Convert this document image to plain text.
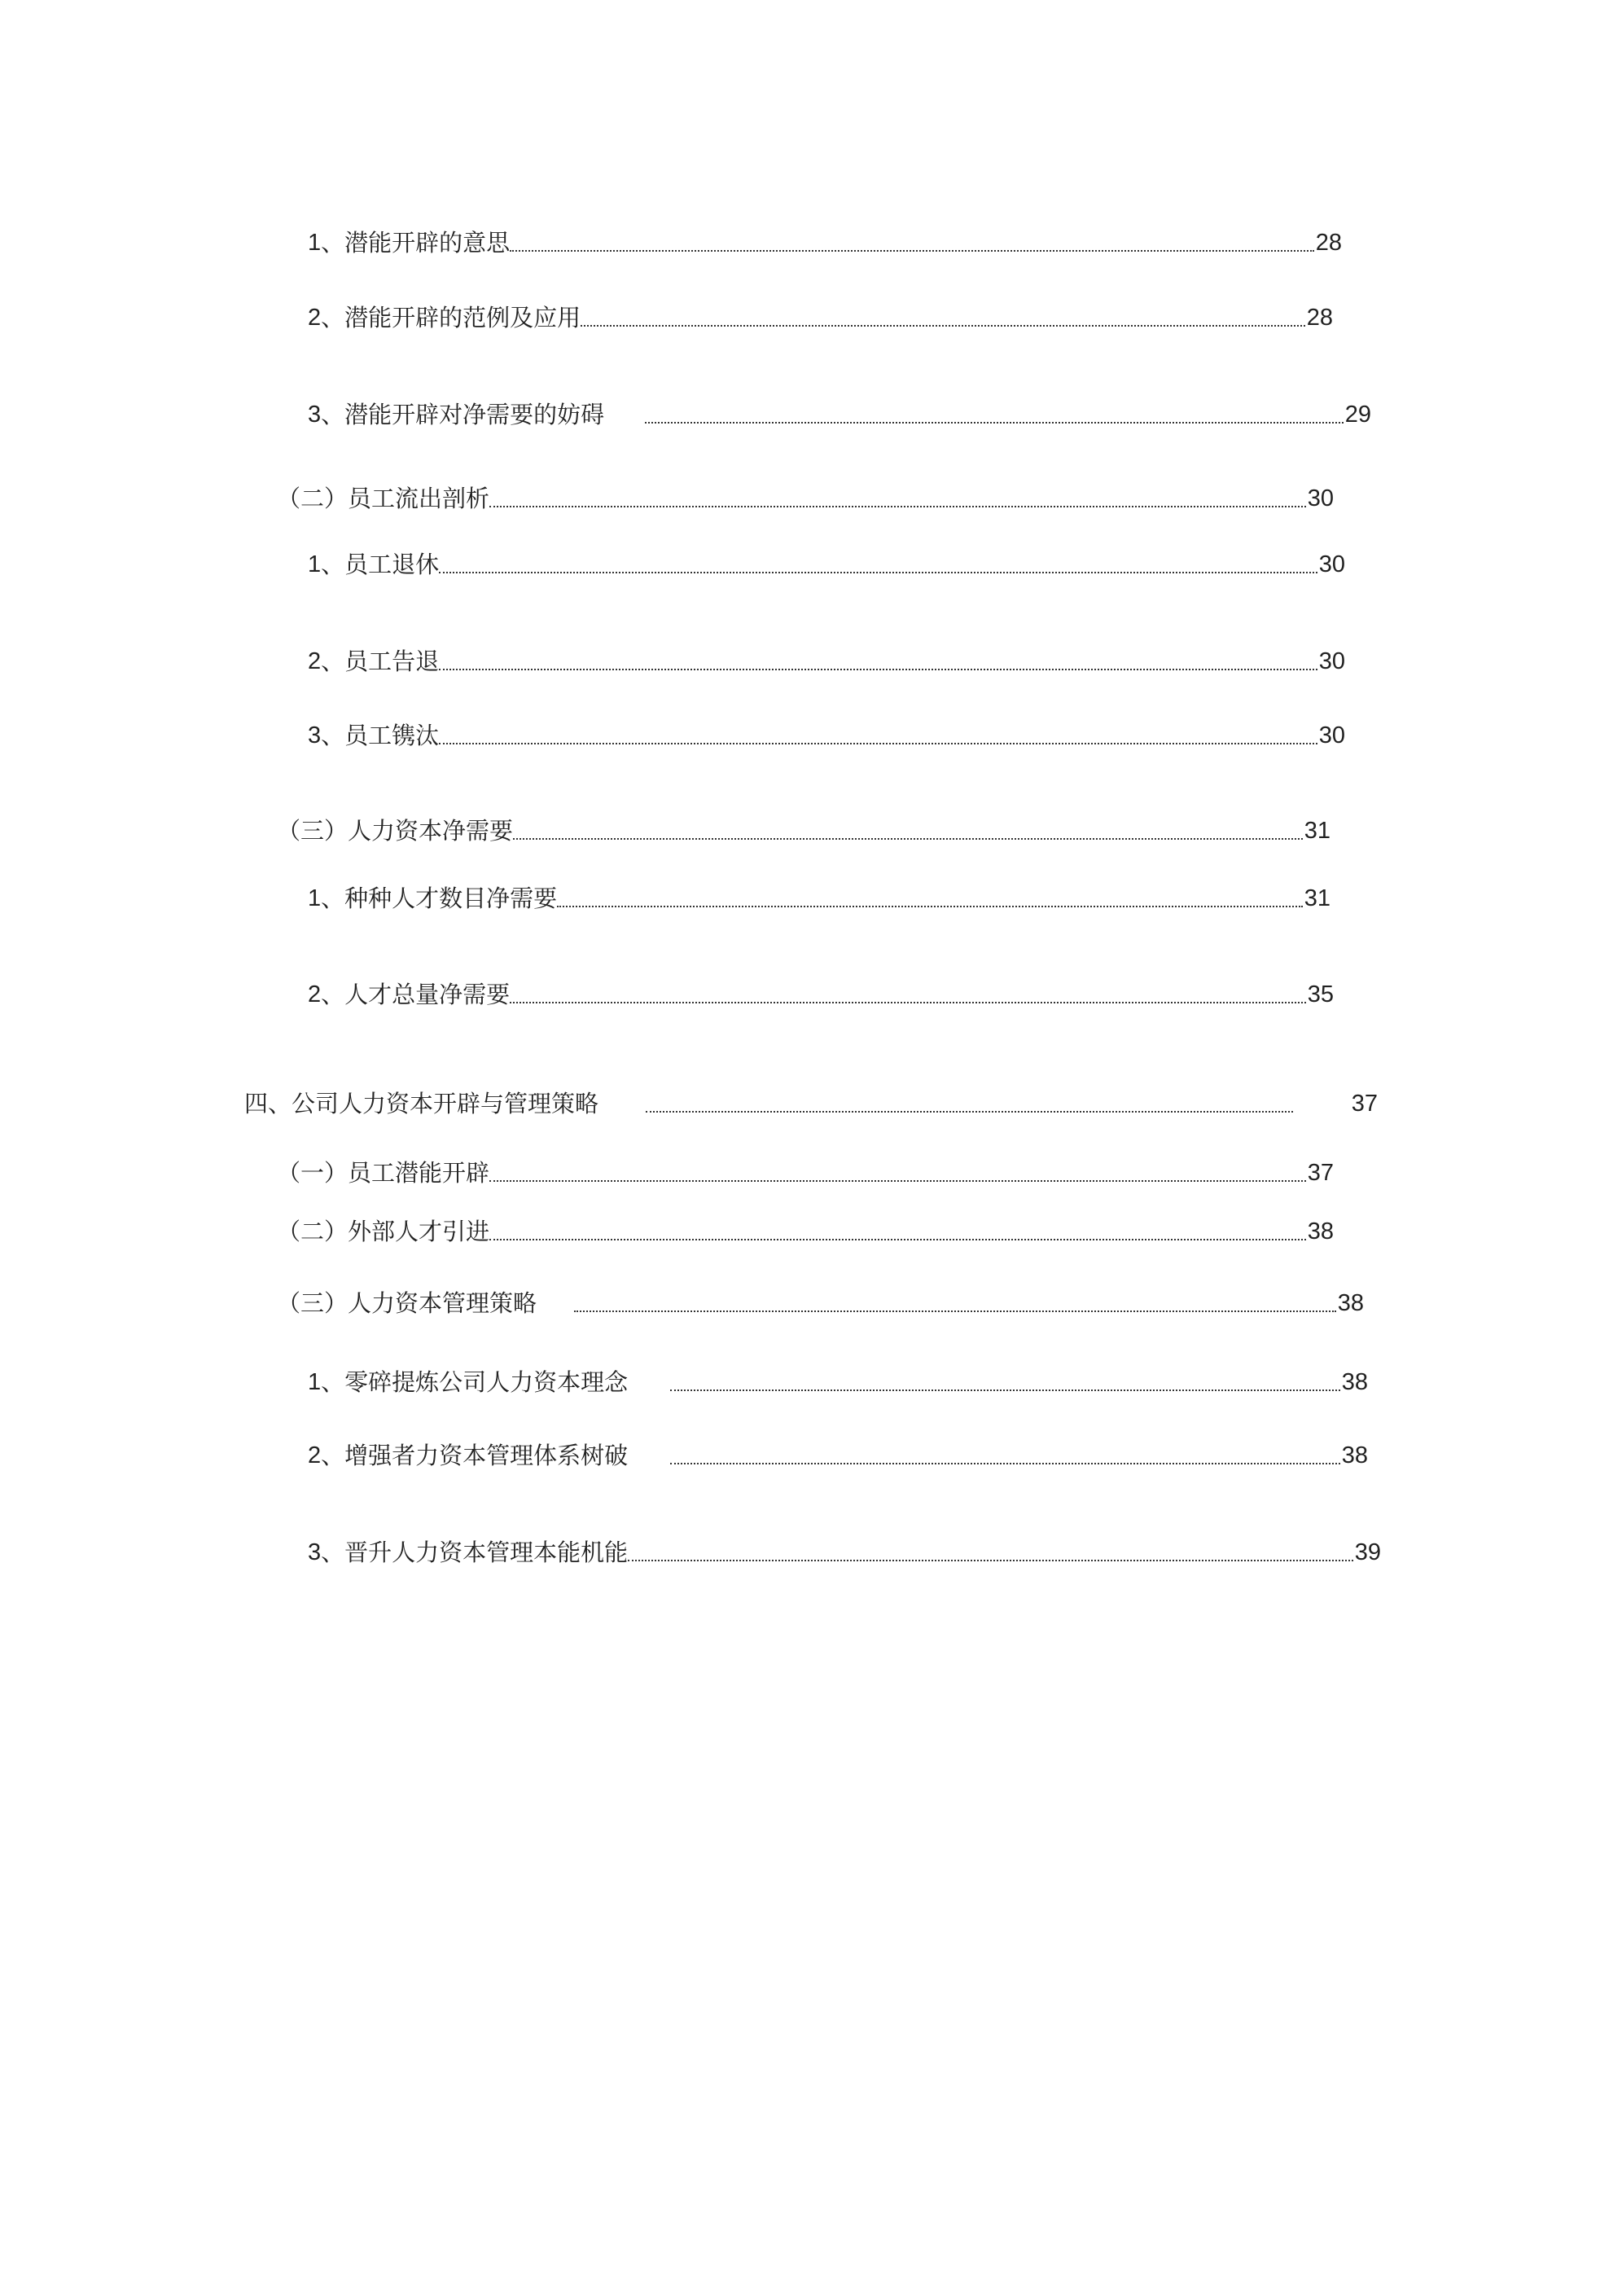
1 、 潜能开辟的意思	28
2 、 潜能开辟的范例及应用	28
3 、 潜能开辟对净需要的妨碍	29
（二）员工流出剖析	30
1 、 员工退休	30
2 、 员工告退	30
3 、 员工镌汰	30
（三）人力资本净需要	31
1 、 种种人才数目净需要	31
2 、 人才总量净需要	35
四、公司人力资本开辟与管理策略	37
（一）员工潜能开辟	37
（二）外部人才引进	38
（三）人力资本管理策略	38
1 、 零碎提炼公司人力资本理念	38
2 、 增强者力资本管理体系树破	38
3 、 晋升人力资本管理本能机能	39
